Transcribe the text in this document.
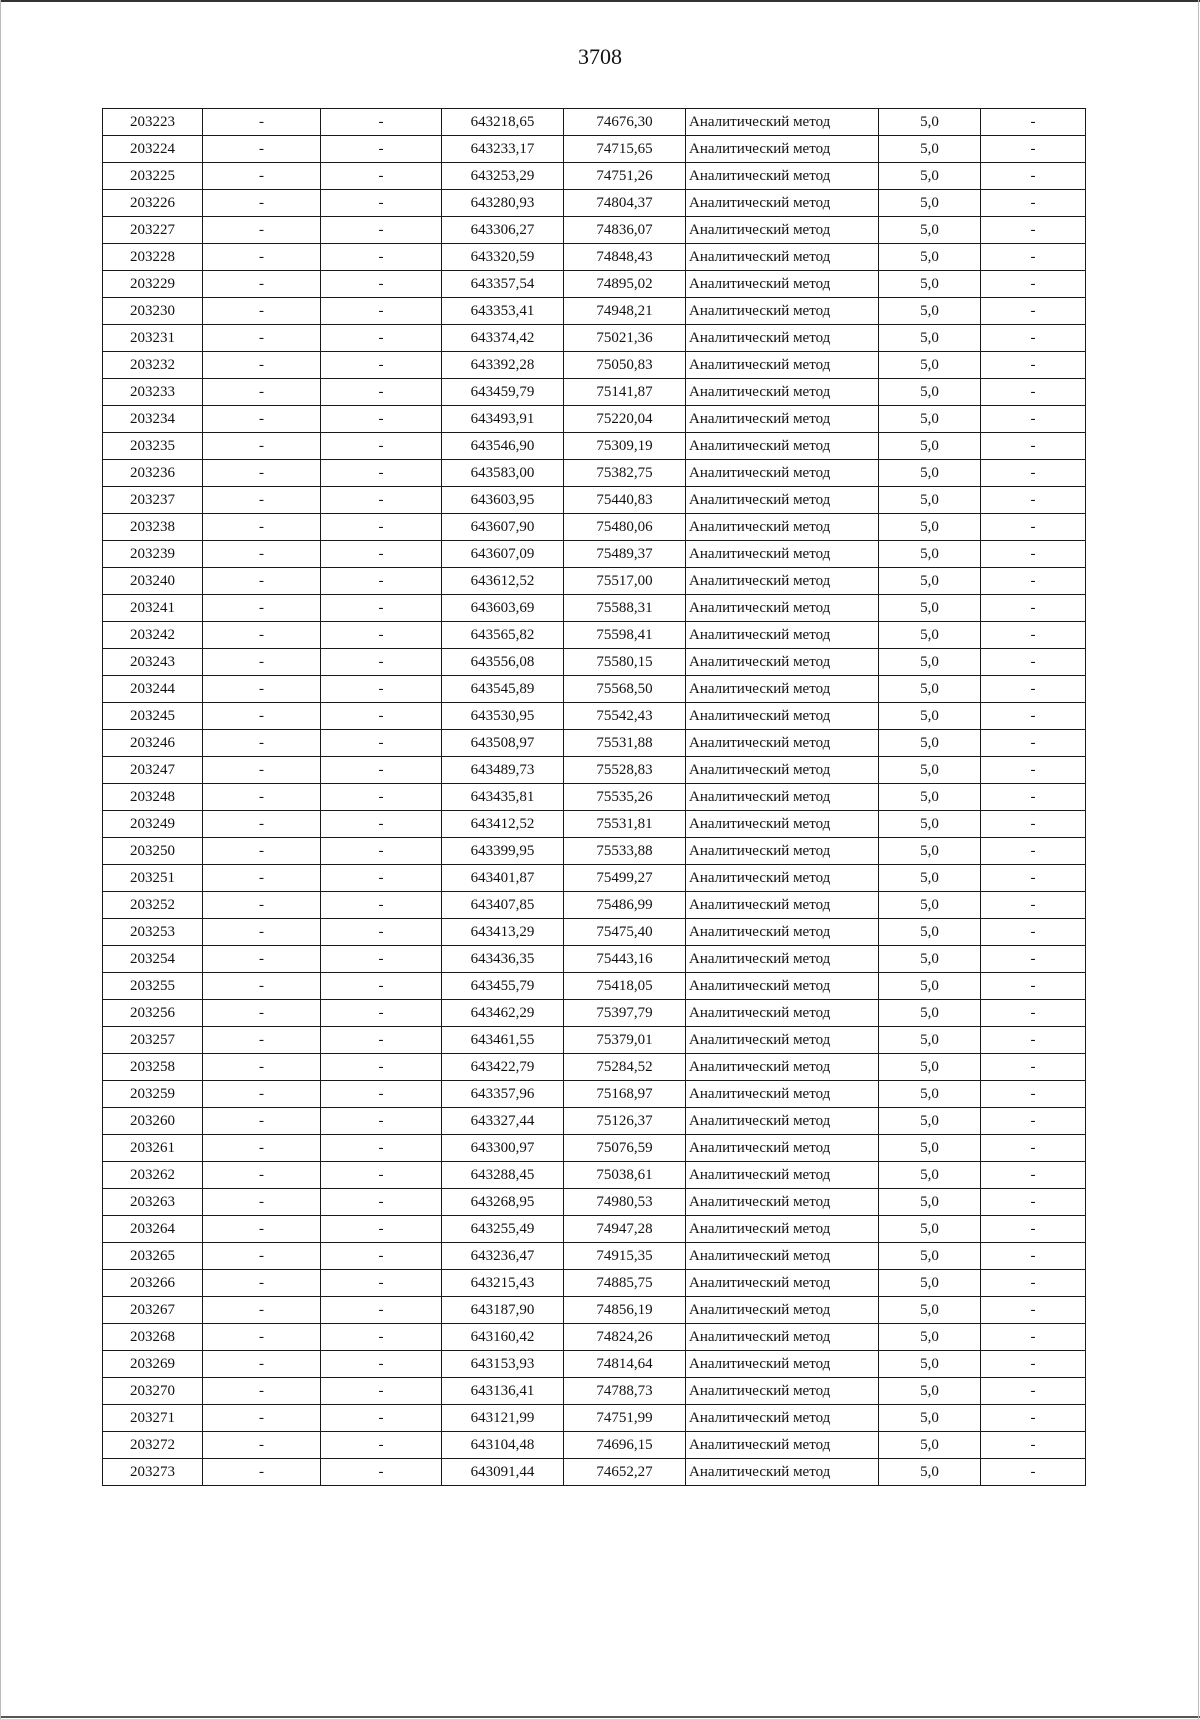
3708
203223	-	-	643218,65	74676,30	Аналитический метод	5,0	-
203224	-	-	643233,17	74715,65	Аналитический метод	5,0	-
203225	-	-	643253,29	74751,26	Аналитический метод	5,0	-
203226	-	-	643280,93	74804,37	Аналитический метод	5,0	-
203227	-	-	643306,27	74836,07	Аналитический метод	5,0	-
203228	-	-	643320,59	74848,43	Аналитический метод	5,0	-
203229	-	-	643357,54	74895,02	Аналитический метод	5,0	-
203230	-	-	643353,41	74948,21	Аналитический метод	5,0	-
203231	-	-	643374,42	75021,36	Аналитический метод	5,0	-
203232	-	-	643392,28	75050,83	Аналитический метод	5,0	-
203233	-	-	643459,79	75141,87	Аналитический метод	5,0	-
203234	-	-	643493,91	75220,04	Аналитический метод	5,0	-
203235	-	-	643546,90	75309,19	Аналитический метод	5,0	-
203236	-	-	643583,00	75382,75	Аналитический метод	5,0	-
203237	-	-	643603,95	75440,83	Аналитический метод	5,0	-
203238	-	-	643607,90	75480,06	Аналитический метод	5,0	-
203239	-	-	643607,09	75489,37	Аналитический метод	5,0	-
203240	-	-	643612,52	75517,00	Аналитический метод	5,0	-
203241	-	-	643603,69	75588,31	Аналитический метод	5,0	-
203242	-	-	643565,82	75598,41	Аналитический метод	5,0	-
203243	-	-	643556,08	75580,15	Аналитический метод	5,0	-
203244	-	-	643545,89	75568,50	Аналитический метод	5,0	-
203245	-	-	643530,95	75542,43	Аналитический метод	5,0	-
203246	-	-	643508,97	75531,88	Аналитический метод	5,0	-
203247	-	-	643489,73	75528,83	Аналитический метод	5,0	-
203248	-	-	643435,81	75535,26	Аналитический метод	5,0	-
203249	-	-	643412,52	75531,81	Аналитический метод	5,0	-
203250	-	-	643399,95	75533,88	Аналитический метод	5,0	-
203251	-	-	643401,87	75499,27	Аналитический метод	5,0	-
203252	-	-	643407,85	75486,99	Аналитический метод	5,0	-
203253	-	-	643413,29	75475,40	Аналитический метод	5,0	-
203254	-	-	643436,35	75443,16	Аналитический метод	5,0	-
203255	-	-	643455,79	75418,05	Аналитический метод	5,0	-
203256	-	-	643462,29	75397,79	Аналитический метод	5,0	-
203257	-	-	643461,55	75379,01	Аналитический метод	5,0	-
203258	-	-	643422,79	75284,52	Аналитический метод	5,0	-
203259	-	-	643357,96	75168,97	Аналитический метод	5,0	-
203260	-	-	643327,44	75126,37	Аналитический метод	5,0	-
203261	-	-	643300,97	75076,59	Аналитический метод	5,0	-
203262	-	-	643288,45	75038,61	Аналитический метод	5,0	-
203263	-	-	643268,95	74980,53	Аналитический метод	5,0	-
203264	-	-	643255,49	74947,28	Аналитический метод	5,0	-
203265	-	-	643236,47	74915,35	Аналитический метод	5,0	-
203266	-	-	643215,43	74885,75	Аналитический метод	5,0	-
203267	-	-	643187,90	74856,19	Аналитический метод	5,0	-
203268	-	-	643160,42	74824,26	Аналитический метод	5,0	-
203269	-	-	643153,93	74814,64	Аналитический метод	5,0	-
203270	-	-	643136,41	74788,73	Аналитический метод	5,0	-
203271	-	-	643121,99	74751,99	Аналитический метод	5,0	-
203272	-	-	643104,48	74696,15	Аналитический метод	5,0	-
203273	-	-	643091,44	74652,27	Аналитический метод	5,0	-
